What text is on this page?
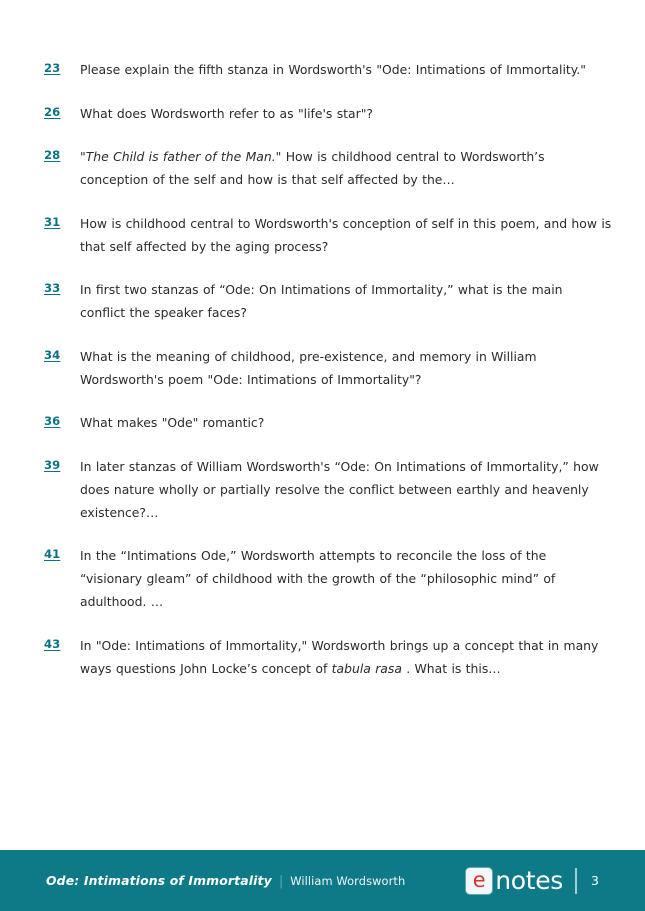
23	Please explain the fifth stanza in Wordsworth's "Ode: Intimations of Immortality."
26	What does Wordsworth refer to as "life's star"?
28	"The Child is father of the Man." How is childhood central to Wordsworth’s conception of the self and how is that self affected by the…
31	How is childhood central to Wordsworth's conception of self in this poem, and how is that self affected by the aging process?
33	In first two stanzas of “Ode: On Intimations of Immortality,” what is the main conflict the speaker faces?
34	What is the meaning of childhood, pre-existence, and memory in William Wordsworth's poem "Ode: Intimations of Immortality"?
36	What makes "Ode" romantic?
39	In later stanzas of William Wordsworth's “Ode: On Intimations of Immortality,” how does nature wholly or partially resolve the conflict between earthly and heavenly existence?…
41	In the “Intimations Ode,” Wordsworth attempts to reconcile the loss of the “visionary gleam” of childhood with the growth of the “philosophic mind” of adulthood. …
43	In "Ode: Intimations of Immortality," Wordsworth brings up a concept that in many ways questions John Locke’s concept of tabula rasa . What is this…
Ode: Intimations of Immortality | William Wordsworth	e notes 3
